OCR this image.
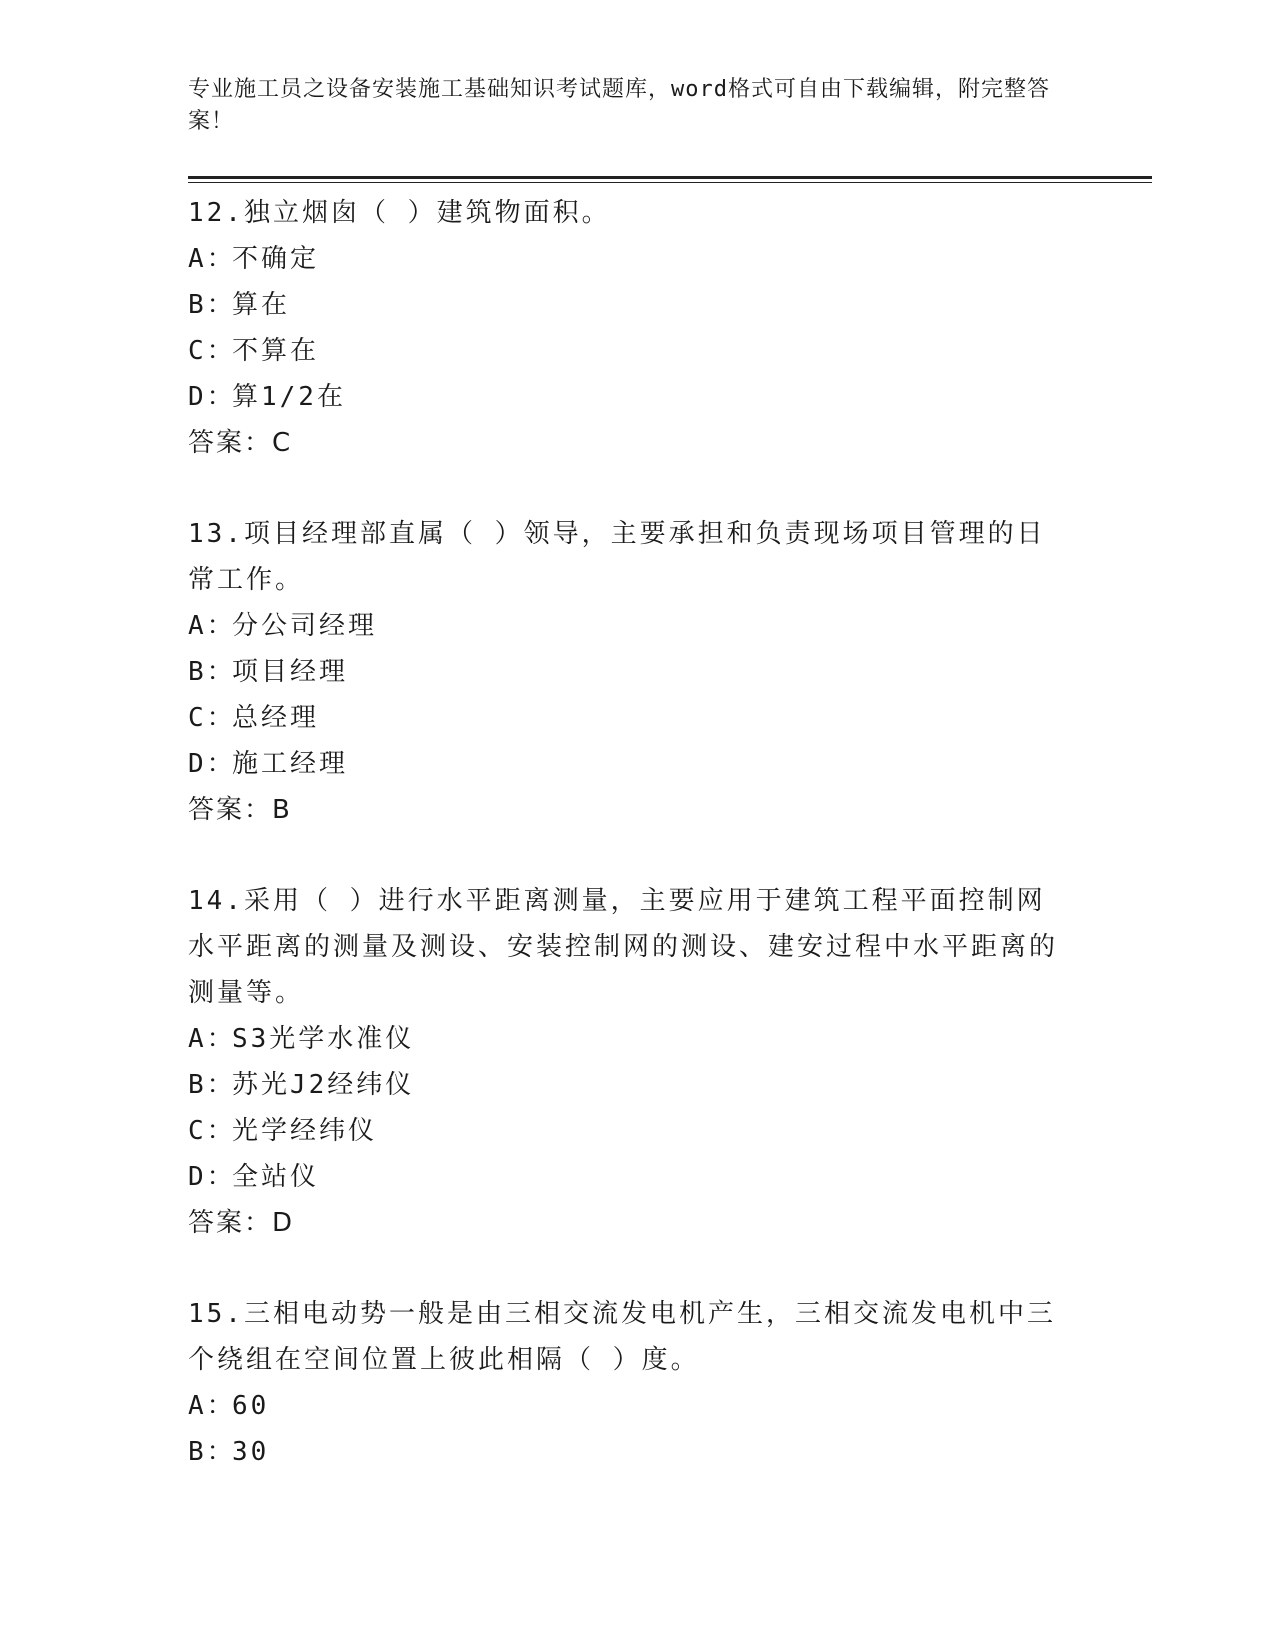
专业施工员之设备安装施工基础知识考试题库，word格式可自由下载编辑，附完整答案！

12.独立烟囱（ ）建筑物面积。

A：不确定

B：算在

C：不算在

D：算1/2在

答案：C

13.项目经理部直属（ ）领导，主要承担和负责现场项目管理的日常工作。

A：分公司经理

B：项目经理

C：总经理

D：施工经理

答案：B

14.采用（ ）进行水平距离测量，主要应用于建筑工程平面控制网水平距离的测量及测设、安装控制网的测设、建安过程中水平距离的测量等。

A：S3光学水准仪

B：苏光J2经纬仪

C：光学经纬仪

D：全站仪

答案：D

15.三相电动势一般是由三相交流发电机产生，三相交流发电机中三个绕组在空间位置上彼此相隔（ ）度。

A：60

B：30
